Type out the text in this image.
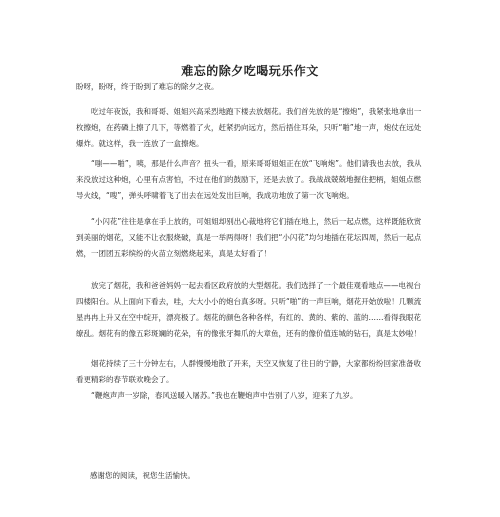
难忘的除夕吃喝玩乐作文

盼呀，盼呀，终于盼到了难忘的除夕之夜。

吃过年夜饭，我和哥哥、姐姐兴高采烈地跑下楼去放烟花。我们首先放的是“擦炮”，我紧张地拿出一枚擦炮，在药磷上擦了几下，等燃着了火，赶紧扔向远方，然后捂住耳朵，只听“啪”地一声，炮仗在远处爆炸。就这样，我一连放了一盒擦炮。

“嗤——啪”，咦，那是什么声音？扭头一看，原来哥哥姐姐正在放“飞响炮”。他们请我也去放，我从来没放过这种炮，心里有点害怕，不过在他们的鼓励下，还是去放了。我战战兢兢地握住把柄，姐姐点燃导火线，“嗖”，弹头呼啸着飞了出去在远处发出巨响，我成功地放了第一次飞响炮。

“小闪花”往往是拿在手上放的，可姐姐却别出心裁地将它们插在地上，然后一起点燃，这样既能欣赏到美丽的烟花，又能不让衣服烧破，真是一举两得呀！我们把“小闪花”均匀地插在花坛四周，然后一起点燃，一团团五彩缤纷的火苗立刻燃烧起来，真是太好看了！

放完了烟花，我和爸爸妈妈一起去看区政府放的大型烟花。我们选择了一个最佳观看地点——电视台四楼阳台。从上面向下看去，哇，大大小小的炮台真多呀。只听“啪”的一声巨响，烟花开始放啦！几颗流星冉冉上升又在空中绽开，漂亮极了。烟花的颜色各种各样，有红的、黄的、紫的、蓝的……看得我眼花缭乱。烟花有的像五彩斑斓的花朵，有的像张牙舞爪的大章鱼，还有的像价值连城的钻石，真是太妙啦！

烟花持续了三十分钟左右，人群慢慢地散了开来，天空又恢复了往日的宁静，大家都纷纷回家准备收看更精彩的春节联欢晚会了。

“鞭炮声声一岁除，春风送暖入屠苏。”我也在鞭炮声中告别了八岁，迎来了九岁。

感谢您的阅读，祝您生活愉快。
